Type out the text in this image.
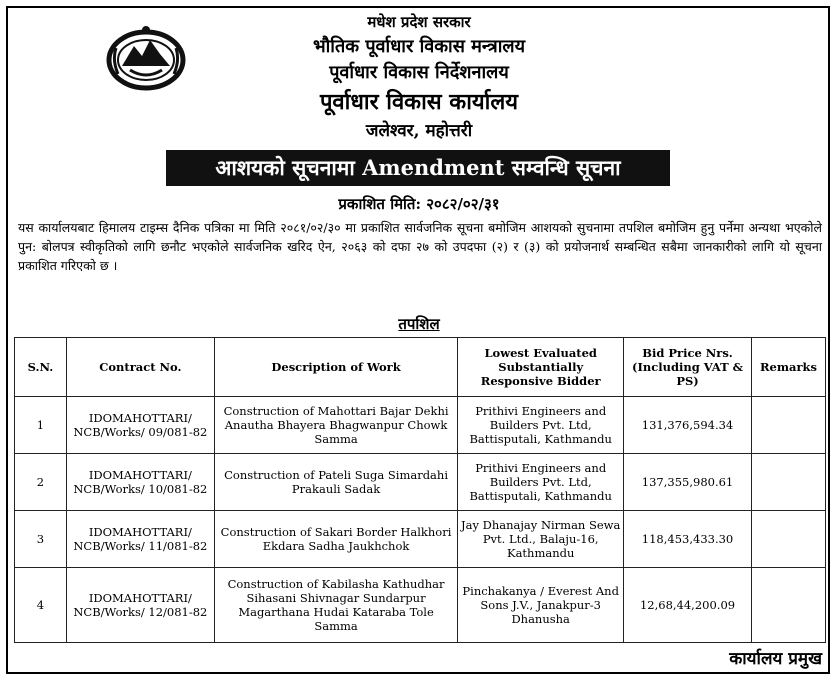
मधेश प्रदेश सरकार
भौतिक पूर्वाधार विकास मन्त्रालय
पूर्वाधार विकास निर्देशनालय
पूर्वाधार विकास कार्यालय
जलेश्वर, महोत्तरी
आशयको सूचनामा Amendment सम्वन्धि सूचना
प्रकाशित मिति: २०८२/०२/३१
यस कार्यालयबाट हिमालय टाइम्स दैनिक पत्रिका मा मिति २०८१/०२/३० मा प्रकाशित सार्वजनिक सूचना बमोजिम आशयको सुचनामा तपशिल बमोजिम हुनु पर्नेमा अन्यथा भएकोले पुन: बोलपत्र स्वीकृतिको लागि छनौट भएकोले सार्वजनिक खरिद ऐन, २०६३ को दफा २७ को उपदफा (२) र (३) को प्रयोजनार्थ सम्बन्धित सबैमा जानकारीको लागि यो सूचना प्रकाशित गरिएको छ ।
तपशिल
S.N.	Contract No.	Description of Work	Lowest Evaluated Substantially Responsive Bidder	Bid Price Nrs. (Including VAT & PS)	Remarks
1	IDOMAHOTTARI/ NCB/Works/ 09/081-82	Construction of Mahottari Bajar Dekhi Anautha Bhayera Bhagwanpur Chowk Samma	Prithivi Engineers and Builders Pvt. Ltd, Battisputali, Kathmandu	131,376,594.34	
2	IDOMAHOTTARI/ NCB/Works/ 10/081-82	Construction of Pateli Suga Simardahi Prakauli Sadak	Prithivi Engineers and Builders Pvt. Ltd, Battisputali, Kathmandu	137,355,980.61	
3	IDOMAHOTTARI/ NCB/Works/ 11/081-82	Construction of Sakari Border Halkhori Ekdara Sadha Jaukhchok	Jay Dhanajay Nirman Sewa Pvt. Ltd., Balaju-16, Kathmandu	118,453,433.30	
4	IDOMAHOTTARI/ NCB/Works/ 12/081-82	Construction of Kabilasha Kathudhar Sihasani Shivnagar Sundarpur Magarthana Hudai Kataraba Tole Samma	Pinchakanya / Everest And Sons J.V., Janakpur-3 Dhanusha	12,68,44,200.09	
कार्यालय प्रमुख
